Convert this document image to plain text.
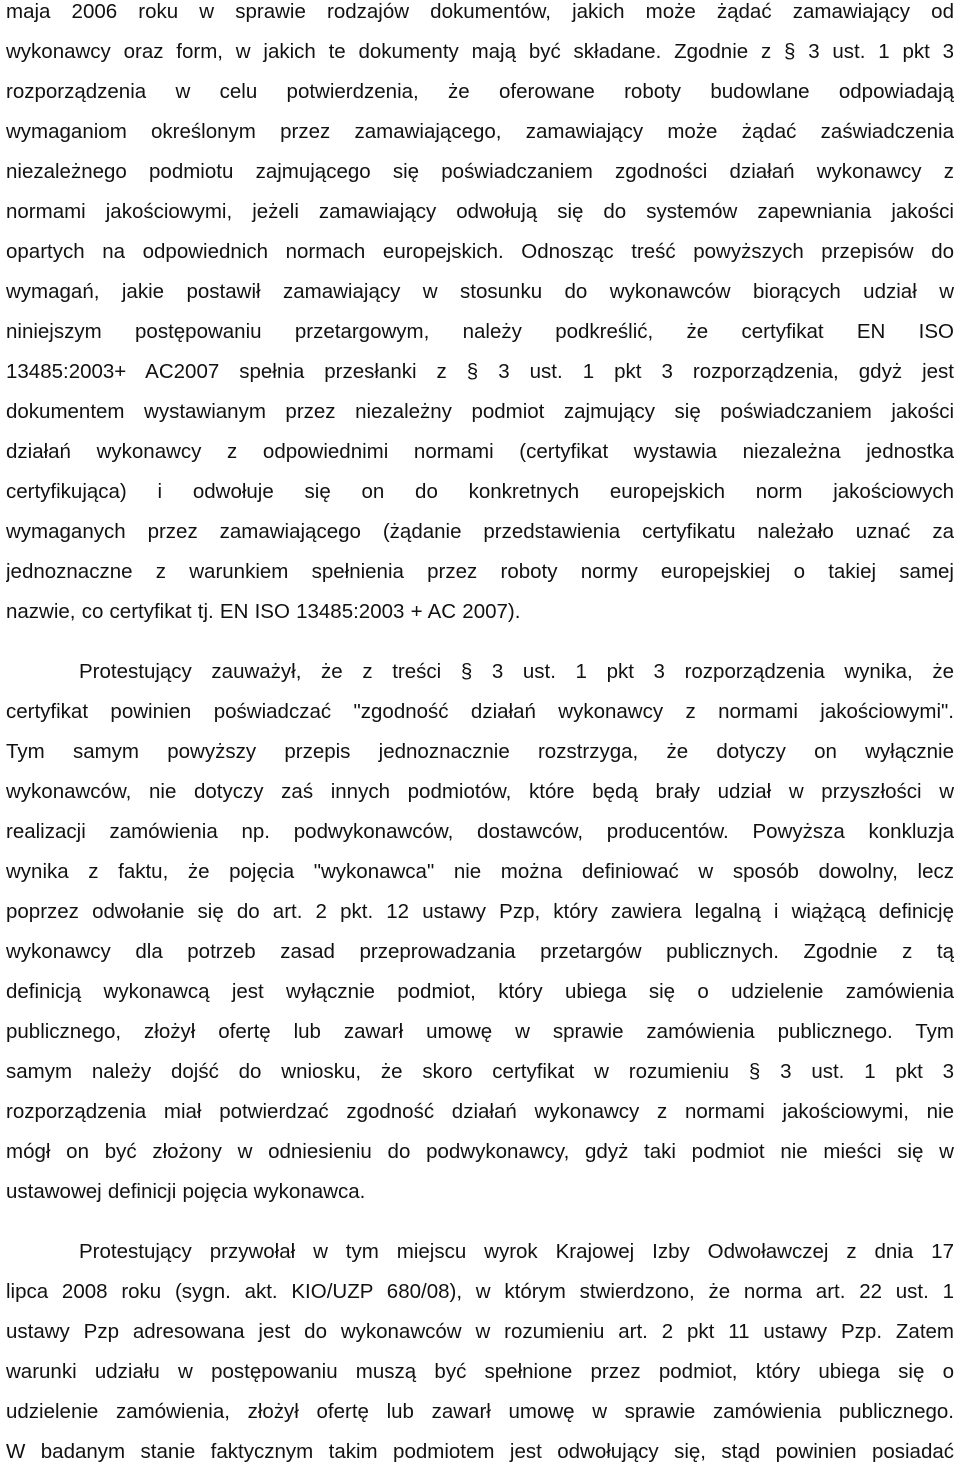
maja 2006 roku w sprawie rodzajów dokumentów, jakich może żądać zamawiający od
wykonawcy oraz form, w jakich te dokumenty mają być składane. Zgodnie z § 3 ust. 1 pkt 3
rozporządzenia w celu potwierdzenia, że oferowane roboty budowlane odpowiadają
wymaganiom określonym przez zamawiającego, zamawiający może żądać zaświadczenia
niezależnego podmiotu zajmującego się poświadczaniem zgodności działań wykonawcy z
normami jakościowymi, jeżeli zamawiający odwołują się do systemów zapewniania jakości
opartych na odpowiednich normach europejskich. Odnosząc treść powyższych przepisów do
wymagań, jakie postawił zamawiający w stosunku do wykonawców biorących udział w
niniejszym postępowaniu przetargowym, należy podkreślić, że certyfikat EN ISO
13485:2003+ AC2007 spełnia przesłanki z § 3 ust. 1 pkt 3 rozporządzenia, gdyż jest
dokumentem wystawianym przez niezależny podmiot zajmujący się poświadczaniem jakości
działań wykonawcy z odpowiednimi normami (certyfikat wystawia niezależna jednostka
certyfikująca) i odwołuje się on do konkretnych europejskich norm jakościowych
wymaganych przez zamawiającego (żądanie przedstawienia certyfikatu należało uznać za
jednoznaczne z warunkiem spełnienia przez roboty normy europejskiej o takiej samej
nazwie, co certyfikat tj. EN ISO 13485:2003 + AC 2007).
Protestujący zauważył, że z treści § 3 ust. 1 pkt 3 rozporządzenia wynika, że
certyfikat powinien poświadczać "zgodność działań wykonawcy z normami jakościowymi".
Tym samym powyższy przepis jednoznacznie rozstrzyga, że dotyczy on wyłącznie
wykonawców, nie dotyczy zaś innych podmiotów, które będą brały udział w przyszłości w
realizacji zamówienia np. podwykonawców, dostawców, producentów. Powyższa konkluzja
wynika z faktu, że pojęcia "wykonawca" nie można definiować w sposób dowolny, lecz
poprzez odwołanie się do art. 2 pkt. 12 ustawy Pzp, który zawiera legalną i wiążącą definicję
wykonawcy dla potrzeb zasad przeprowadzania przetargów publicznych. Zgodnie z tą
definicją wykonawcą jest wyłącznie podmiot, który ubiega się o udzielenie zamówienia
publicznego, złożył ofertę lub zawarł umowę w sprawie zamówienia publicznego. Tym
samym należy dojść do wniosku, że skoro certyfikat w rozumieniu § 3 ust. 1 pkt 3
rozporządzenia miał potwierdzać zgodność działań wykonawcy z normami jakościowymi, nie
mógł on być złożony w odniesieniu do podwykonawcy, gdyż taki podmiot nie mieści się w
ustawowej definicji pojęcia wykonawca.
Protestujący przywołał w tym miejscu wyrok Krajowej Izby Odwoławczej z dnia 17
lipca 2008 roku (sygn. akt. KIO/UZP 680/08), w którym stwierdzono, że norma art. 22 ust. 1
ustawy Pzp adresowana jest do wykonawców w rozumieniu art. 2 pkt 11 ustawy Pzp. Zatem
warunki udziału w postępowaniu muszą być spełnione przez podmiot, który ubiega się o
udzielenie zamówienia, złożył ofertę lub zawarł umowę w sprawie zamówienia publicznego.
W badanym stanie faktycznym takim podmiotem jest odwołujący się, stąd powinien posiadać
